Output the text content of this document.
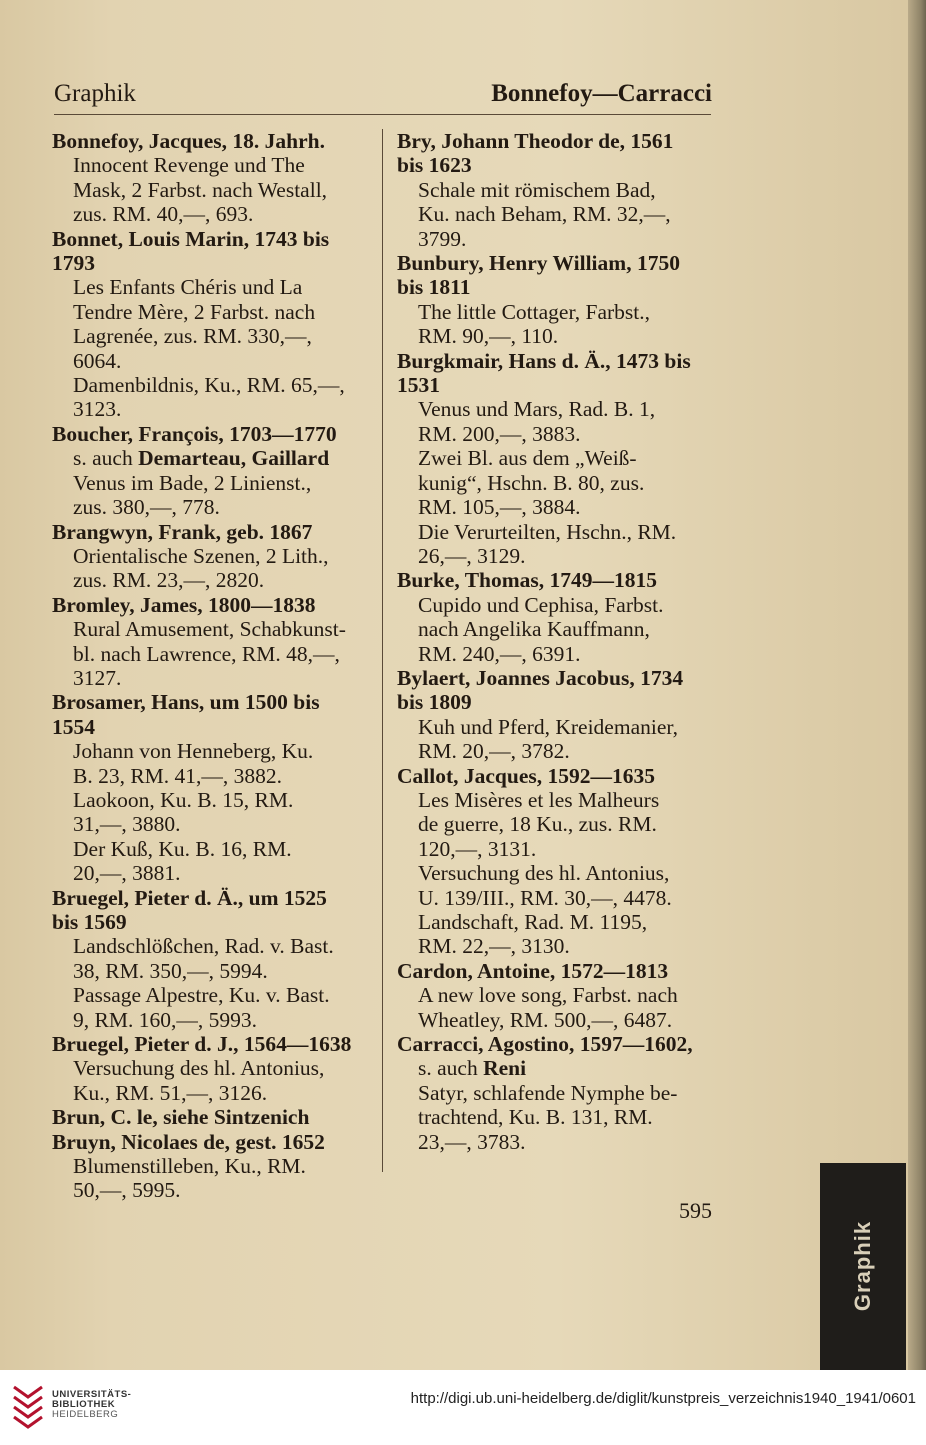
Graphik	Bonnefoy—Carracci
Bonnefoy, Jacques, 18. Jahrh.
Innocent Revenge und The
Mask, 2 Farbst. nach Westall,
zus. RM. 40,—, 693.
Bonnet, Louis Marin, 1743 bis
1793
Les Enfants Chéris und La
Tendre Mère, 2 Farbst. nach
Lagrenée, zus. RM. 330,—,
6064.
Damenbildnis, Ku., RM. 65,—,
3123.
Boucher, François, 1703—1770
s. auch Demarteau, Gaillard
Venus im Bade, 2 Linienst.,
zus. 380,—, 778.
Brangwyn, Frank, geb. 1867
Orientalische Szenen, 2 Lith.,
zus. RM. 23,—, 2820.
Bromley, James, 1800—1838
Rural Amusement, Schabkunst-
bl. nach Lawrence, RM. 48,—,
3127.
Brosamer, Hans, um 1500 bis
1554
Johann von Henneberg, Ku.
B. 23, RM. 41,—, 3882.
Laokoon, Ku. B. 15, RM.
31,—, 3880.
Der Kuß, Ku. B. 16, RM.
20,—, 3881.
Bruegel, Pieter d. Ä., um 1525
bis 1569
Landschlößchen, Rad. v. Bast.
38, RM. 350,—, 5994.
Passage Alpestre, Ku. v. Bast.
9, RM. 160,—, 5993.
Bruegel, Pieter d. J., 1564—1638
Versuchung des hl. Antonius,
Ku., RM. 51,—, 3126.
Brun, C. le, siehe Sintzenich
Bruyn, Nicolaes de, gest. 1652
Blumenstilleben, Ku., RM.
50,—, 5995.
Bry, Johann Theodor de, 1561
bis 1623
Schale mit römischem Bad,
Ku. nach Beham, RM. 32,—,
3799.
Bunbury, Henry William, 1750
bis 1811
The little Cottager, Farbst.,
RM. 90,—, 110.
Burgkmair, Hans d. Ä., 1473 bis
1531
Venus und Mars, Rad. B. 1,
RM. 200,—, 3883.
Zwei Bl. aus dem „Weiß-
kunig“, Hschn. B. 80, zus.
RM. 105,—, 3884.
Die Verurteilten, Hschn., RM.
26,—, 3129.
Burke, Thomas, 1749—1815
Cupido und Cephisa, Farbst.
nach Angelika Kauffmann,
RM. 240,—, 6391.
Bylaert, Joannes Jacobus, 1734
bis 1809
Kuh und Pferd, Kreidemanier,
RM. 20,—, 3782.
Callot, Jacques, 1592—1635
Les Misères et les Malheurs
de guerre, 18 Ku., zus. RM.
120,—, 3131.
Versuchung des hl. Antonius,
U. 139/III., RM. 30,—, 4478.
Landschaft, Rad. M. 1195,
RM. 22,—, 3130.
Cardon, Antoine, 1572—1813
A new love song, Farbst. nach
Wheatley, RM. 500,—, 6487.
Carracci, Agostino, 1597—1602,
s. auch Reni
Satyr, schlafende Nymphe be-
trachtend, Ku. B. 131, RM.
23,—, 3783.
595
Graphik
UNIVERSITÄTS-
BIBLIOTHEK
HEIDELBERG
http://digi.ub.uni-heidelberg.de/diglit/kunstpreis_verzeichnis1940_1941/0601
